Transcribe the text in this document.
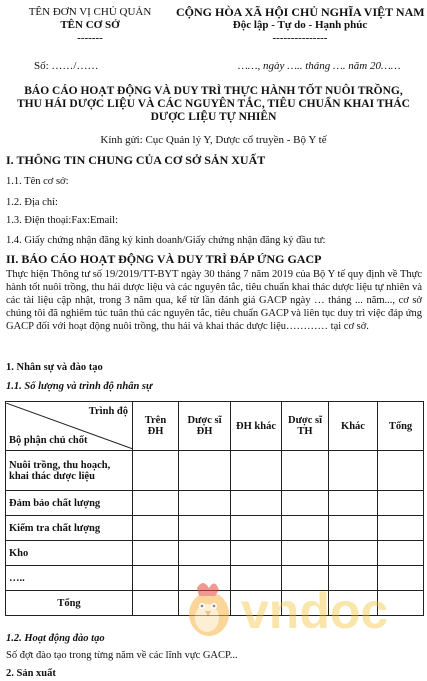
TÊN ĐƠN VỊ CHỦ QUẢN
TÊN CƠ SỞ
-------
CỘNG HÒA XÃ HỘI CHỦ NGHĨA VIỆT NAM
Độc lập - Tự do - Hạnh phúc
---------------
Số: ……/……	……, ngày ….. tháng …. năm 20……
BÁO CÁO HOẠT ĐỘNG VÀ DUY TRÌ THỰC HÀNH TỐT NUÔI TRỒNG,
THU HÁI DƯỢC LIỆU VÀ CÁC NGUYÊN TẮC, TIÊU CHUẨN KHAI THÁC
DƯỢC LIỆU TỰ NHIÊN
Kính gửi: Cục Quản lý Y, Dược cổ truyền - Bộ Y tế
I. THÔNG TIN CHUNG CỦA CƠ SỞ SẢN XUẤT
1.1. Tên cơ sở:
1.2. Địa chỉ:
1.3. Điện thoại:Fax:Email:
1.4. Giấy chứng nhận đăng ký kinh doanh/Giấy chứng nhận đăng ký đầu tư:
II. BÁO CÁO HOẠT ĐỘNG VÀ DUY TRÌ ĐÁP ỨNG GACP
Thực hiện Thông tư số 19/2019/TT-BYT ngày 30 tháng 7 năm 2019 của Bộ Y tế quy định về Thực hành tốt nuôi trồng, thu hái dược liệu và các nguyên tắc, tiêu chuẩn khai thác dược liệu tự nhiên và các tài liệu cập nhật, trong 3 năm qua, kể từ lần đánh giá GACP ngày … tháng ... năm..., cơ sở chúng tôi đã nghiêm túc tuân thủ các nguyên tắc, tiêu chuẩn GACP và liên tục duy trì việc đáp ứng GACP đối với hoạt động nuôi trồng, thu hái và khai thác dược liệu………… tại cơ sở.
1. Nhân sự và đào tạo
1.1. Số lượng và trình độ nhân sự
Trình độ
Bộ phận chủ chốt	Trên ĐH	Dược sĩ ĐH	ĐH khác	Dược sĩ TH	Khác	Tổng
Nuôi trồng, thu hoạch, khai thác dược liệu						
Đảm bảo chất lượng						
Kiểm tra chất lượng						
Kho						
…..						
Tổng							vndoc
1.2. Hoạt động đào tạo
Số đợt đào tạo trong từng năm về các lĩnh vực GACP...
2. Sản xuất
